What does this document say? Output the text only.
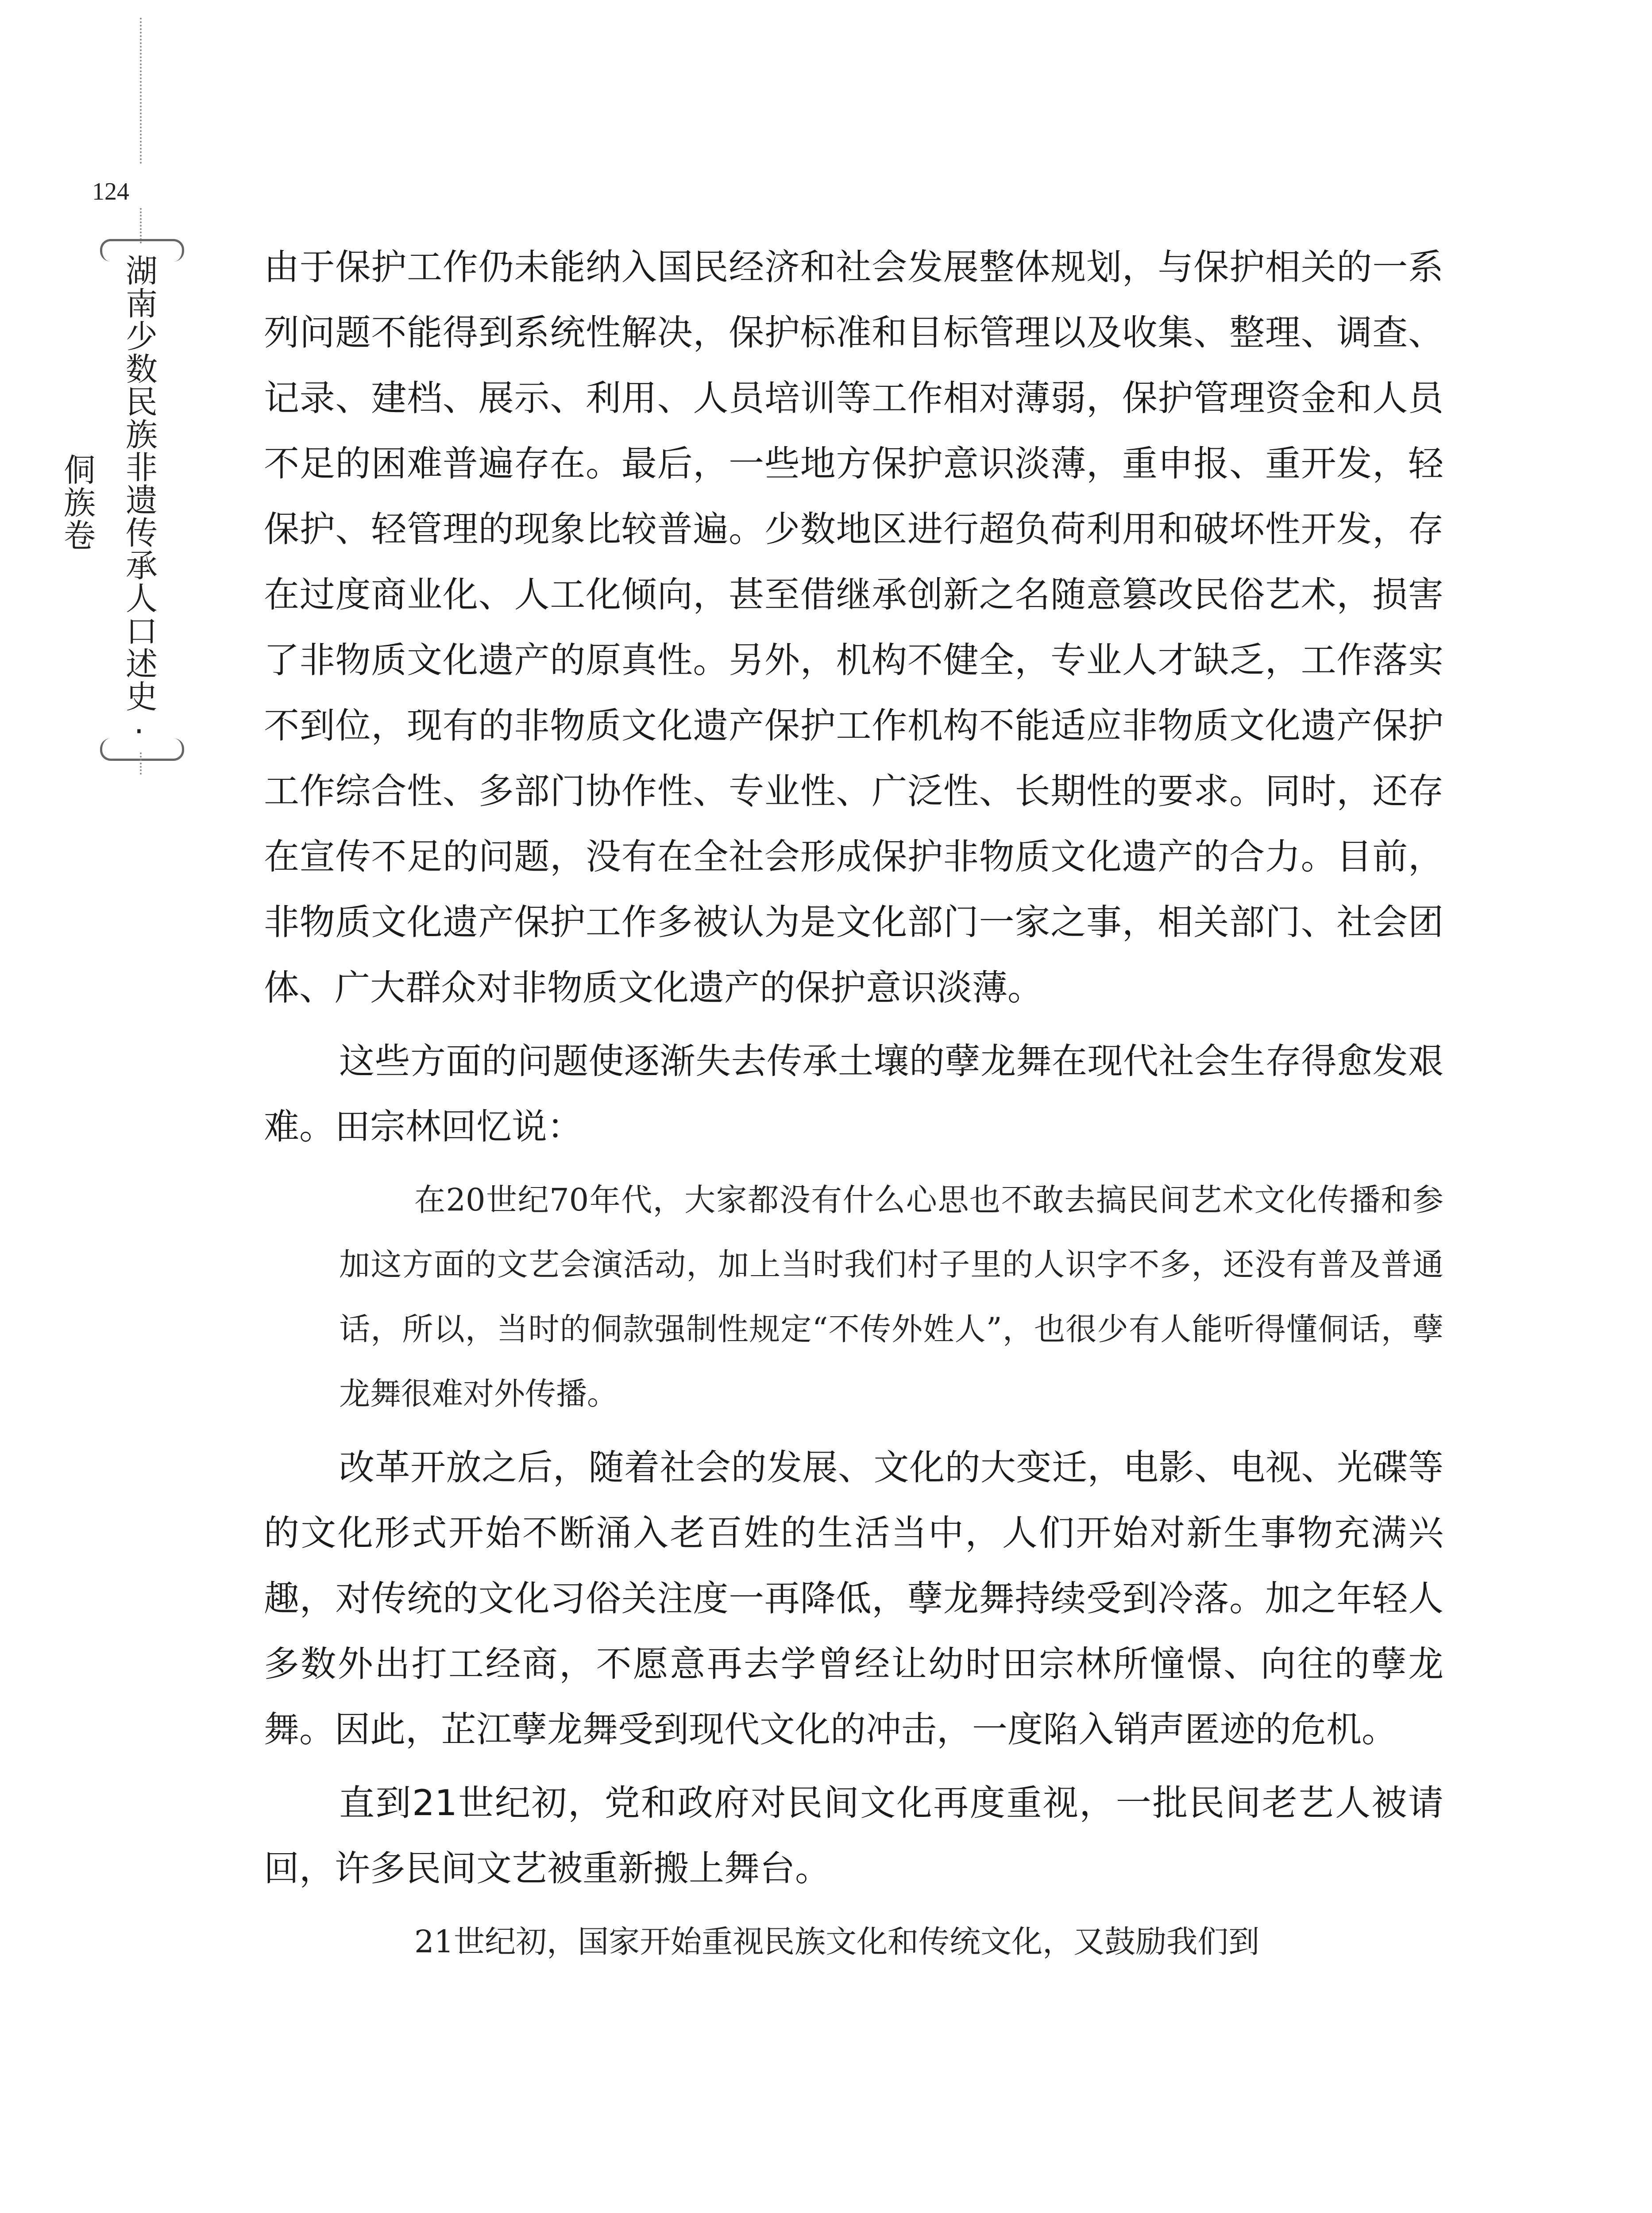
124
湖南少数民族非遗传承人口述史·侗族卷

由于保护工作仍未能纳入国民经济和社会发展整体规划，与保护相关的一系列问题不能得到系统性解决，保护标准和目标管理以及收集、整理、调查、记录、建档、展示、利用、人员培训等工作相对薄弱，保护管理资金和人员不足的困难普遍存在。最后，一些地方保护意识淡薄，重申报、重开发，轻保护、轻管理的现象比较普遍。少数地区进行超负荷利用和破坏性开发，存在过度商业化、人工化倾向，甚至借继承创新之名随意篡改民俗艺术，损害了非物质文化遗产的原真性。另外，机构不健全，专业人才缺乏，工作落实不到位，现有的非物质文化遗产保护工作机构不能适应非物质文化遗产保护工作综合性、多部门协作性、专业性、广泛性、长期性的要求。同时，还存在宣传不足的问题，没有在全社会形成保护非物质文化遗产的合力。目前，非物质文化遗产保护工作多被认为是文化部门一家之事，相关部门、社会团体、广大群众对非物质文化遗产的保护意识淡薄。

这些方面的问题使逐渐失去传承土壤的孽龙舞在现代社会生存得愈发艰难。田宗林回忆说：

在20世纪70年代，大家都没有什么心思也不敢去搞民间艺术文化传播和参加这方面的文艺会演活动，加上当时我们村子里的人识字不多，还没有普及普通话，所以，当时的侗款强制性规定“不传外姓人”，也很少有人能听得懂侗话，孽龙舞很难对外传播。

改革开放之后，随着社会的发展、文化的大变迁，电影、电视、光碟等的文化形式开始不断涌入老百姓的生活当中，人们开始对新生事物充满兴趣，对传统的文化习俗关注度一再降低，孽龙舞持续受到冷落。加之年轻人多数外出打工经商，不愿意再去学曾经让幼时田宗林所憧憬、向往的孽龙舞。因此，芷江孽龙舞受到现代文化的冲击，一度陷入销声匿迹的危机。

直到21世纪初，党和政府对民间文化再度重视，一批民间老艺人被请回，许多民间文艺被重新搬上舞台。

21世纪初，国家开始重视民族文化和传统文化，又鼓励我们到
